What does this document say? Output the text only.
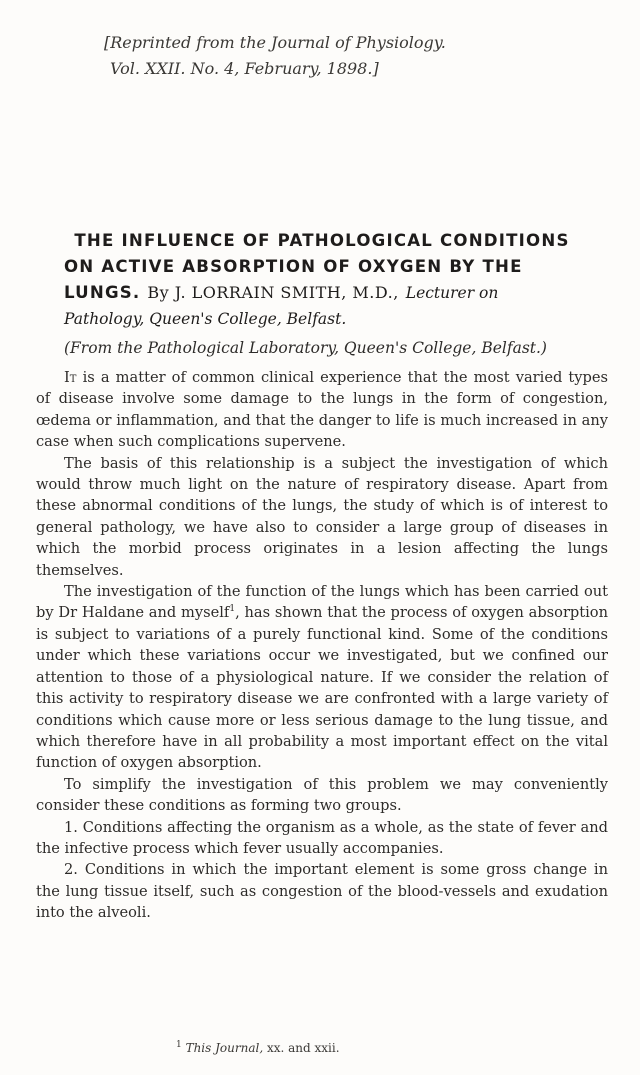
[Reprinted from the Journal of Physiology.
Vol. XXII. No. 4, February, 1898.]
THE INFLUENCE OF PATHOLOGICAL CONDITIONS
ON ACTIVE ABSORPTION OF OXYGEN BY THE
LUNGS. By J. LORRAIN SMITH, M.D., Lecturer on
Pathology, Queen's College, Belfast.
(From the Pathological Laboratory, Queen's College, Belfast.)

It is a matter of common clinical experience that the most varied types of disease involve some damage to the lungs in the form of congestion, œdema or inflammation, and that the danger to life is much increased in any case when such complications supervene.

The basis of this relationship is a subject the investigation of which would throw much light on the nature of respiratory disease. Apart from these abnormal conditions of the lungs, the study of which is of interest to general pathology, we have also to consider a large group of diseases in which the morbid process originates in a lesion affecting the lungs themselves.

The investigation of the function of the lungs which has been carried out by Dr Haldane and myself$^1$, has shown that the process of oxygen absorption is subject to variations of a purely functional kind. Some of the conditions under which these variations occur we investigated, but we confined our attention to those of a physiological nature. If we consider the relation of this activity to respiratory disease we are confronted with a large variety of conditions which cause more or less serious damage to the lung tissue, and which therefore have in all probability a most important effect on the vital function of oxygen absorption.

To simplify the investigation of this problem we may conveniently consider these conditions as forming two groups.

1. Conditions affecting the organism as a whole, as the state of fever and the infective process which fever usually accompanies.

2. Conditions in which the important element is some gross change in the lung tissue itself, such as congestion of the blood-vessels and exudation into the alveoli.

$^1$ This Journal, xx. and xxii.
